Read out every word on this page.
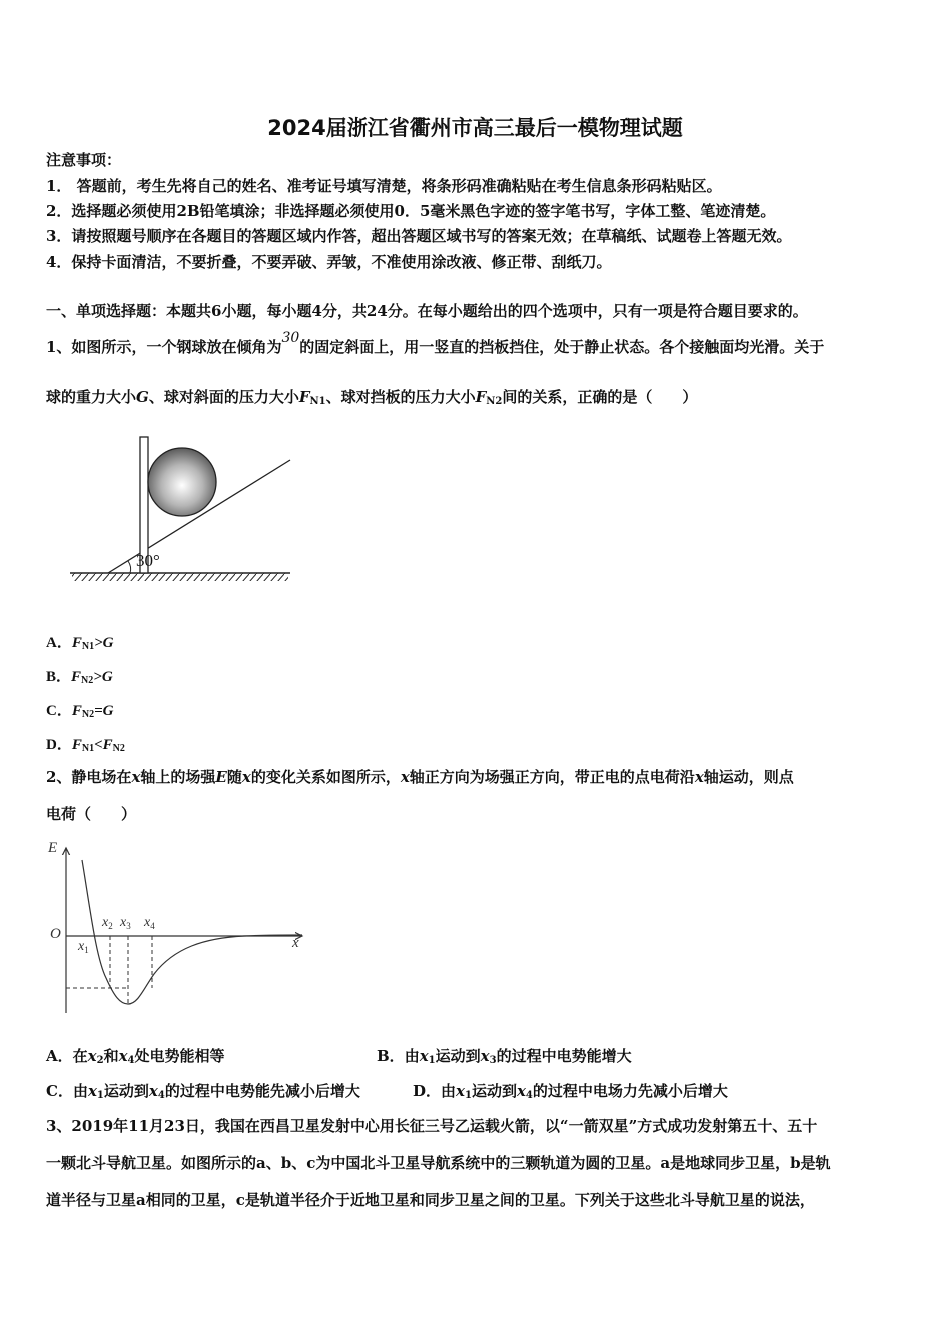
2024届浙江省衢州市高三最后一模物理试题
注意事项：
1． 答题前，考生先将自己的姓名、准考证号填写清楚，将条形码准确粘贴在考生信息条形码粘贴区。
2．选择题必须使用2B铅笔填涂；非选择题必须使用0．5毫米黑色字迹的签字笔书写，字体工整、笔迹清楚。
3．请按照题号顺序在各题目的答题区域内作答，超出答题区域书写的答案无效；在草稿纸、试题卷上答题无效。
4．保持卡面清洁，不要折叠，不要弄破、弄皱，不准使用涂改液、修正带、刮纸刀。
一、单项选择题：本题共6小题，每小题4分，共24分。在每小题给出的四个选项中，只有一项是符合题目要求的。
1、如图所示，一个钢球放在倾角为30的固定斜面上，用一竖直的挡板挡住，处于静止状态。各个接触面均光滑。关于
球的重力大小G、球对斜面的压力大小$F_{N1}$、球对挡板的压力大小$F_{N2}$间的关系，正确的是（　　）
30°
A．$F_{N1}>G$
B．$F_{N2}>G$
C．$F_{N2}=G$
D．$F_{N1}<F_{N2}$
2、静电场在x轴上的场强E随x的变化关系如图所示，x轴正方向为场强正方向，带正电的点电荷沿x轴运动，则点
电荷（　　）
E
x
O
$x_1$
$x_2$ $x_3$ $x_4$
A．在$x_2$和$x_4$处电势能相等	B．由$x_1$运动到$x_3$的过程中电势能增大
C．由$x_1$运动到$x_4$的过程中电势能先减小后增大	D．由$x_1$运动到$x_4$的过程中电场力先减小后增大
3、2019年11月23日，我国在西昌卫星发射中心用长征三号乙运载火箭，以“一箭双星”方式成功发射第五十、五十
一颗北斗导航卫星。如图所示的a、b、c为中国北斗卫星导航系统中的三颗轨道为圆的卫星。a是地球同步卫星，b是轨
道半径与卫星a相同的卫星，c是轨道半径介于近地卫星和同步卫星之间的卫星。下列关于这些北斗导航卫星的说法，
